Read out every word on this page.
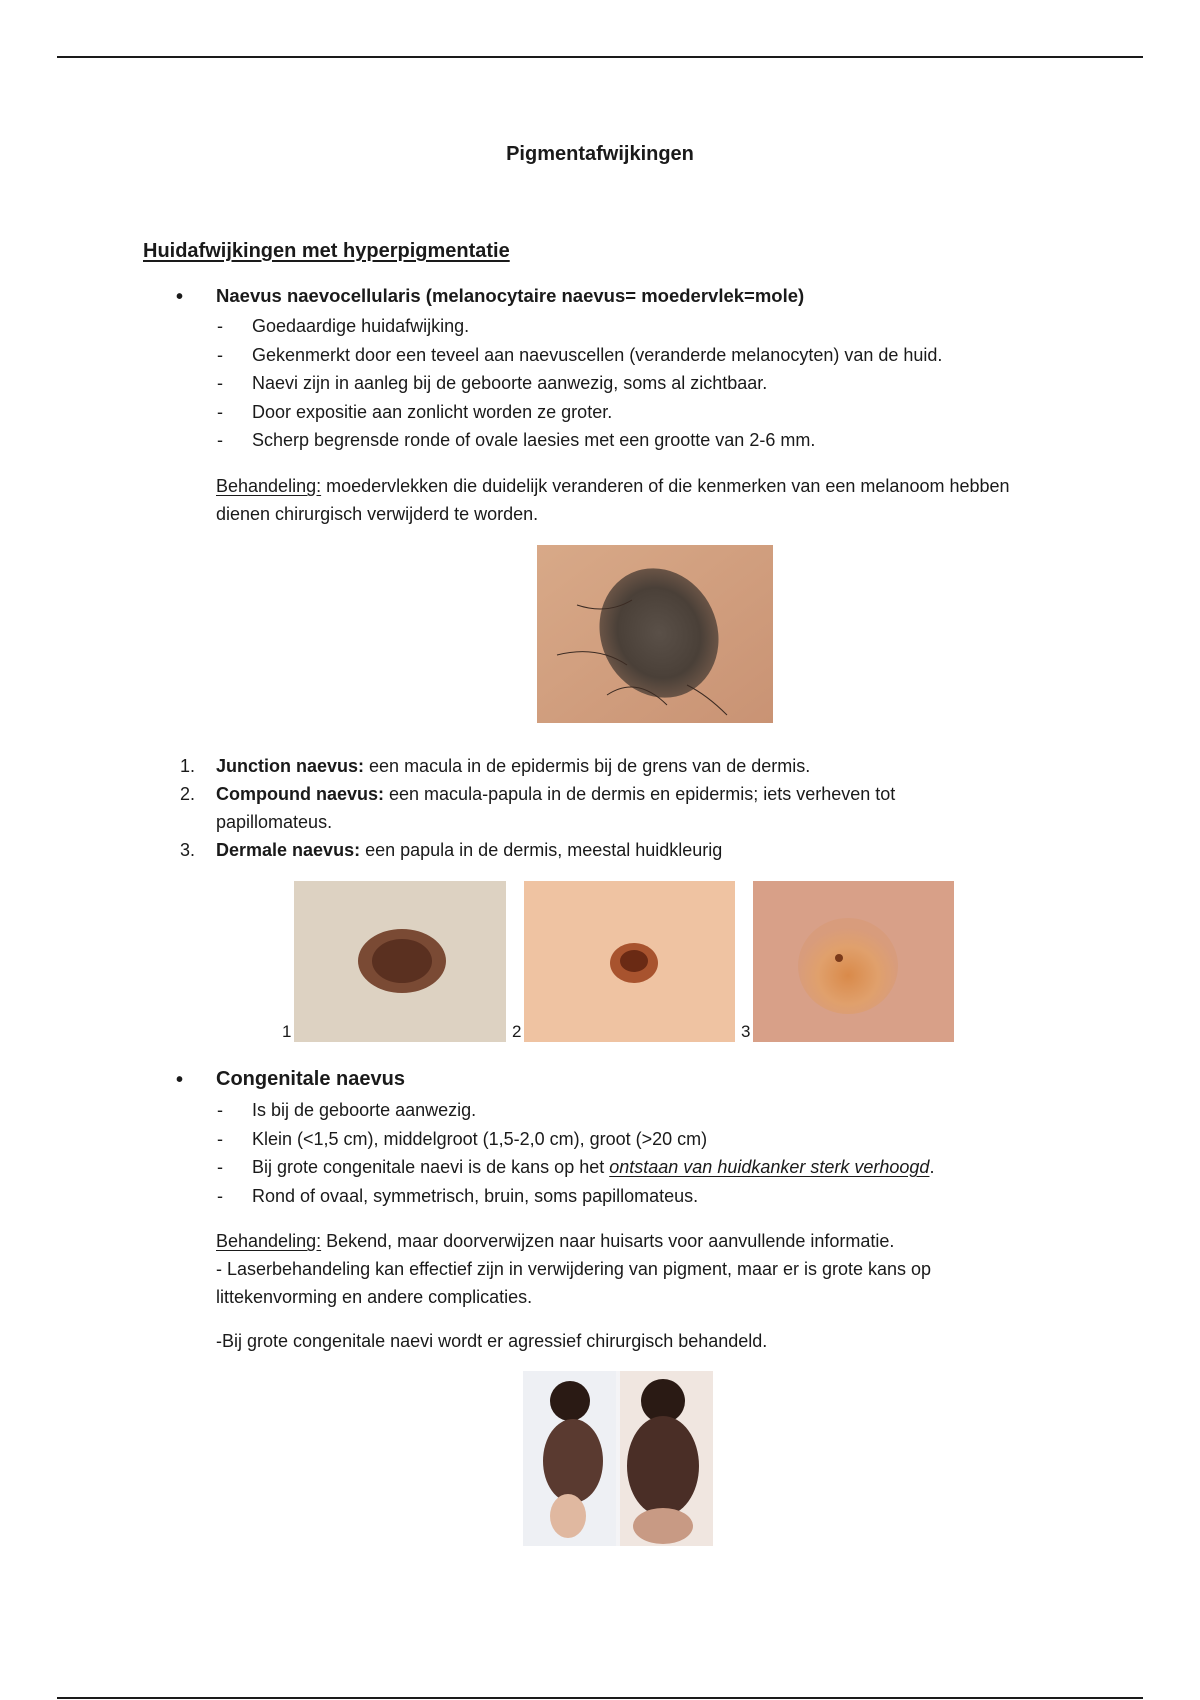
Pigmentafwijkingen
Huidafwijkingen met hyperpigmentatie
• Naevus naevocellularis (melanocytaire naevus= moedervlek=mole)
- Goedaardige huidafwijking.
- Gekenmerkt door een teveel aan naevuscellen (veranderde melanocyten) van de huid.
- Naevi zijn in aanleg bij de geboorte aanwezig, soms al zichtbaar.
- Door expositie aan zonlicht worden ze groter.
- Scherp begrensde ronde of ovale laesies met een grootte van 2-6 mm.

Behandeling: moedervlekken die duidelijk veranderen of die kenmerken van een melanoom hebben dienen chirurgisch verwijderd te worden.

1. Junction naevus: een macula in de epidermis bij de grens van de dermis.
2. Compound naevus: een macula-papula in de dermis en epidermis; iets verheven tot papillomateus.
3. Dermale naevus: een papula in de dermis, meestal huidkleurig
1	2	3
• Congenitale naevus
- Is bij de geboorte aanwezig.
- Klein (<1,5 cm), middelgroot (1,5-2,0 cm), groot (>20 cm)
- Bij grote congenitale naevi is de kans op het ontstaan van huidkanker sterk verhoogd.
- Rond of ovaal, symmetrisch, bruin, soms papillomateus.

Behandeling: Bekend, maar doorverwijzen naar huisarts voor aanvullende informatie.

- Laserbehandeling kan effectief zijn in verwijdering van pigment, maar er is grote kans op littekenvorming en andere complicaties.

-Bij grote congenitale naevi wordt er agressief chirurgisch behandeld.
